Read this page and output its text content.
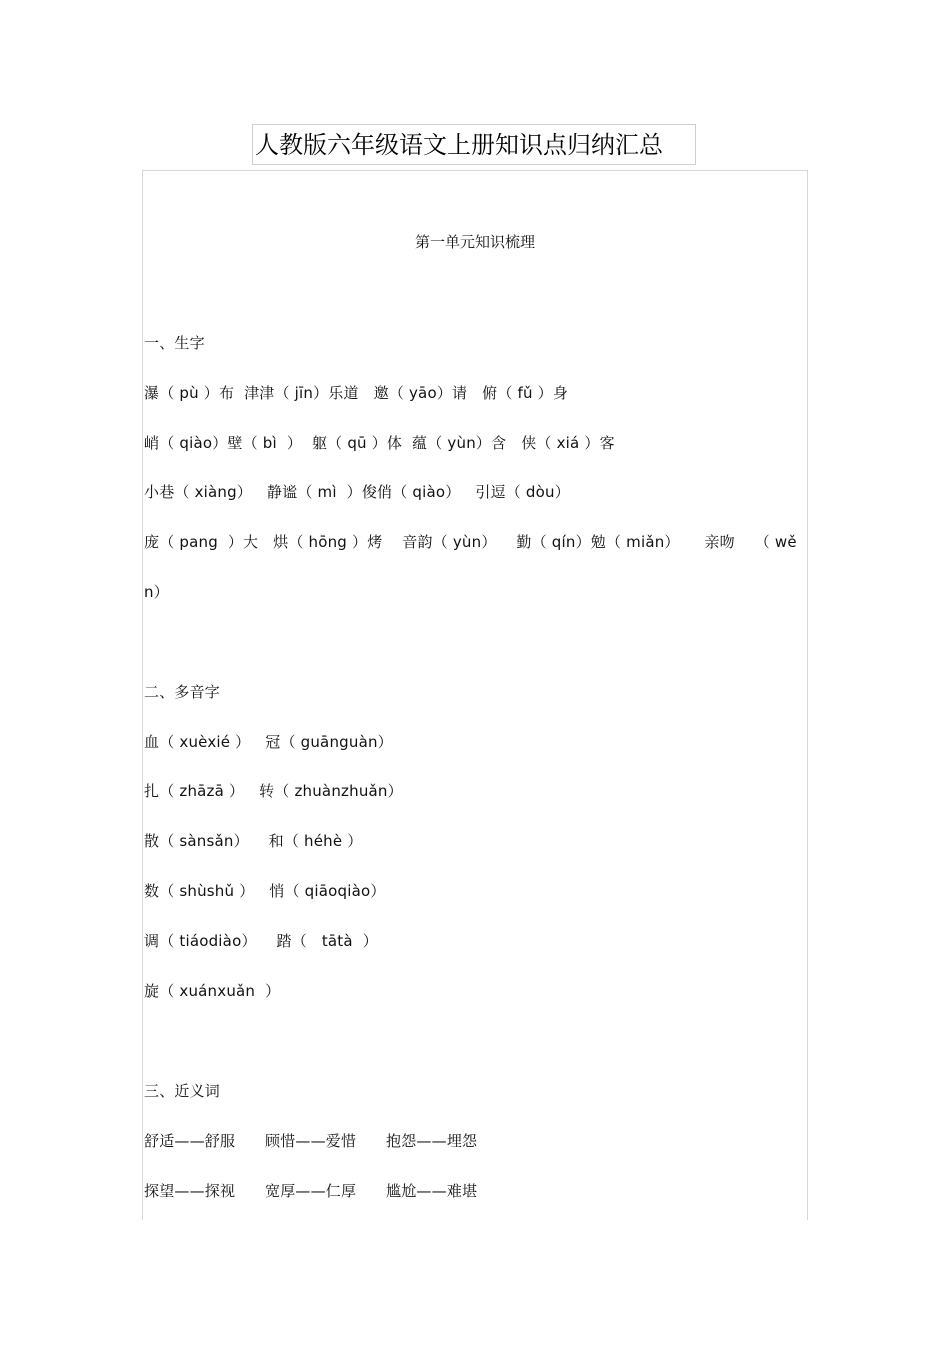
人教版六年级语文上册知识点归纳汇总
第一单元知识梳理
一、生字
瀑（ pù ）布  津津（ jīn）乐道   邀（ yāo）请   俯（ fǔ ）身
峭（ qiào）壁（ bì  ）  躯（ qū ）体  蕴（ yùn）含   侠（ xiá ）客
小巷（ xiàng）   静谧（ mì  ）俊俏（ qiào）   引逗（ dòu）
庞（ pang  ）大   烘（ hōng ）烤    音韵（ yùn）    勤（ qín）勉（ miǎn）     亲吻    （ wě
n）
二、多音字
血（ xuèxié ）   冠（ guānguàn）
扎（ zhāzā ）   转（ zhuànzhuǎn）
散（ sànsǎn）    和（ héhè ）
数（ shùshǔ ）   悄（ qiāoqiào）
调（ tiáodiào）    踏（   tātà  ）
旋（ xuánxuǎn  ）
三、近义词
舒适——舒服      顾惜——爱惜      抱怨——埋怨
探望——探视      宽厚——仁厚      尴尬——难堪
